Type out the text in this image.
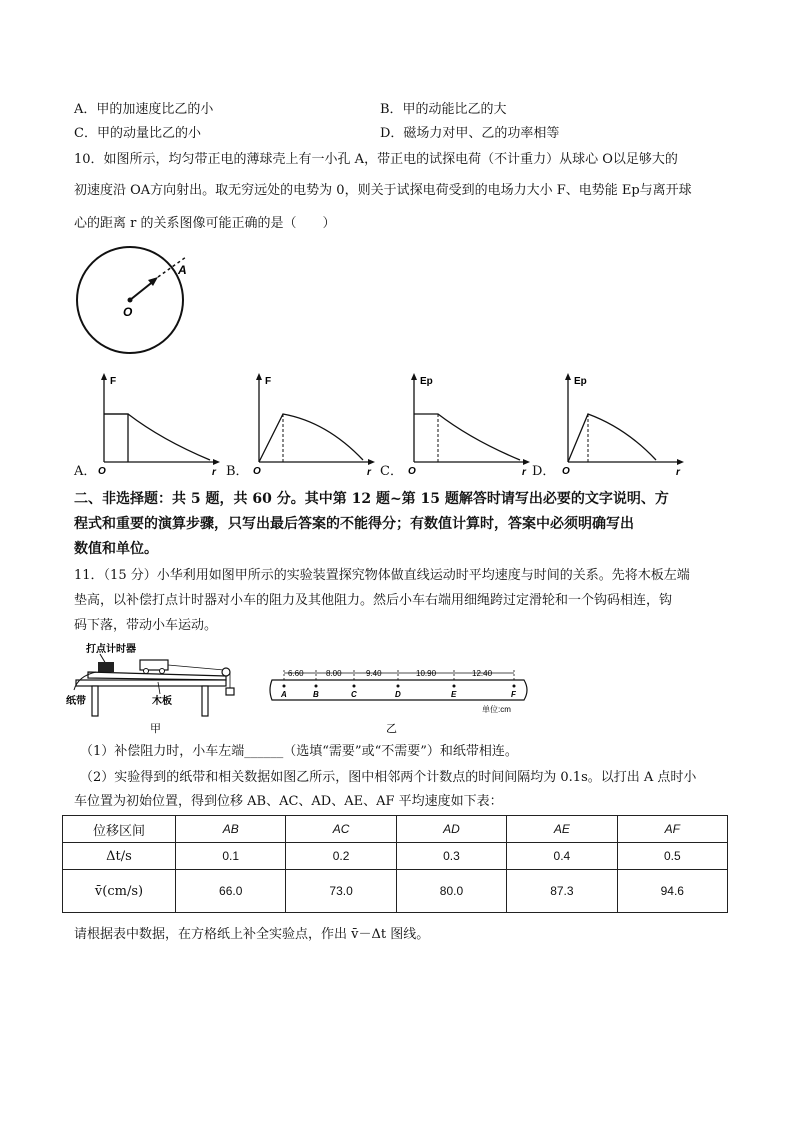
A．甲的加速度比乙的小	B．甲的动能比乙的大
C．甲的动量比乙的小	D．磁场力对甲、乙的功率相等
10．如图所示，均匀带正电的薄球壳上有一小孔 A，带正电的试探电荷（不计重力）从球心 O以足够大的
初速度沿 OA方向射出。取无穷远处的电势为 0，则关于试探电荷受到的电场力大小 F、电势能 Ep与离开球
心的距离 r 的关系图像可能正确的是（　　）
A
O
A．
F
O	r B．
F
O	r C．
Ep
O	r D．
Ep
O	r
二、非选择题：共 5 题，共 60 分。其中第 12 题~第 15 题解答时请写出必要的文字说明、方
程式和重要的演算步骤，只写出最后答案的不能得分；有数值计算时，答案中必须明确写出
数值和单位。
11．（15 分）小华利用如图甲所示的实验装置探究物体做直线运动时平均速度与时间的关系。先将木板左端
垫高，以补偿打点计时器对小车的阻力及其他阻力。然后小车右端用细绳跨过定滑轮和一个钩码相连，钩
码下落，带动小车运动。
打点计时器
纸带	木板
甲
6.60	8.00	9.40	10.90	12.40
A	B	C	D	E	F
单位:cm
乙
（1）补偿阻力时，小车左端______（选填“需要”或“不需要”）和纸带相连。
（2）实验得到的纸带和相关数据如图乙所示，图中相邻两个计数点的时间间隔均为 0.1s。以打出 A 点时小
车位置为初始位置，得到位移 AB、AC、AD、AE、AF 平均速度如下表：
位移区间	AB	AC	AD	AE	AF
Δt/s	0.1	0.2	0.3	0.4	0.5
v̄(cm/s)	66.0	73.0	80.0	87.3	94.6
请根据表中数据，在方格纸上补全实验点，作出 v̄－Δt 图线。
